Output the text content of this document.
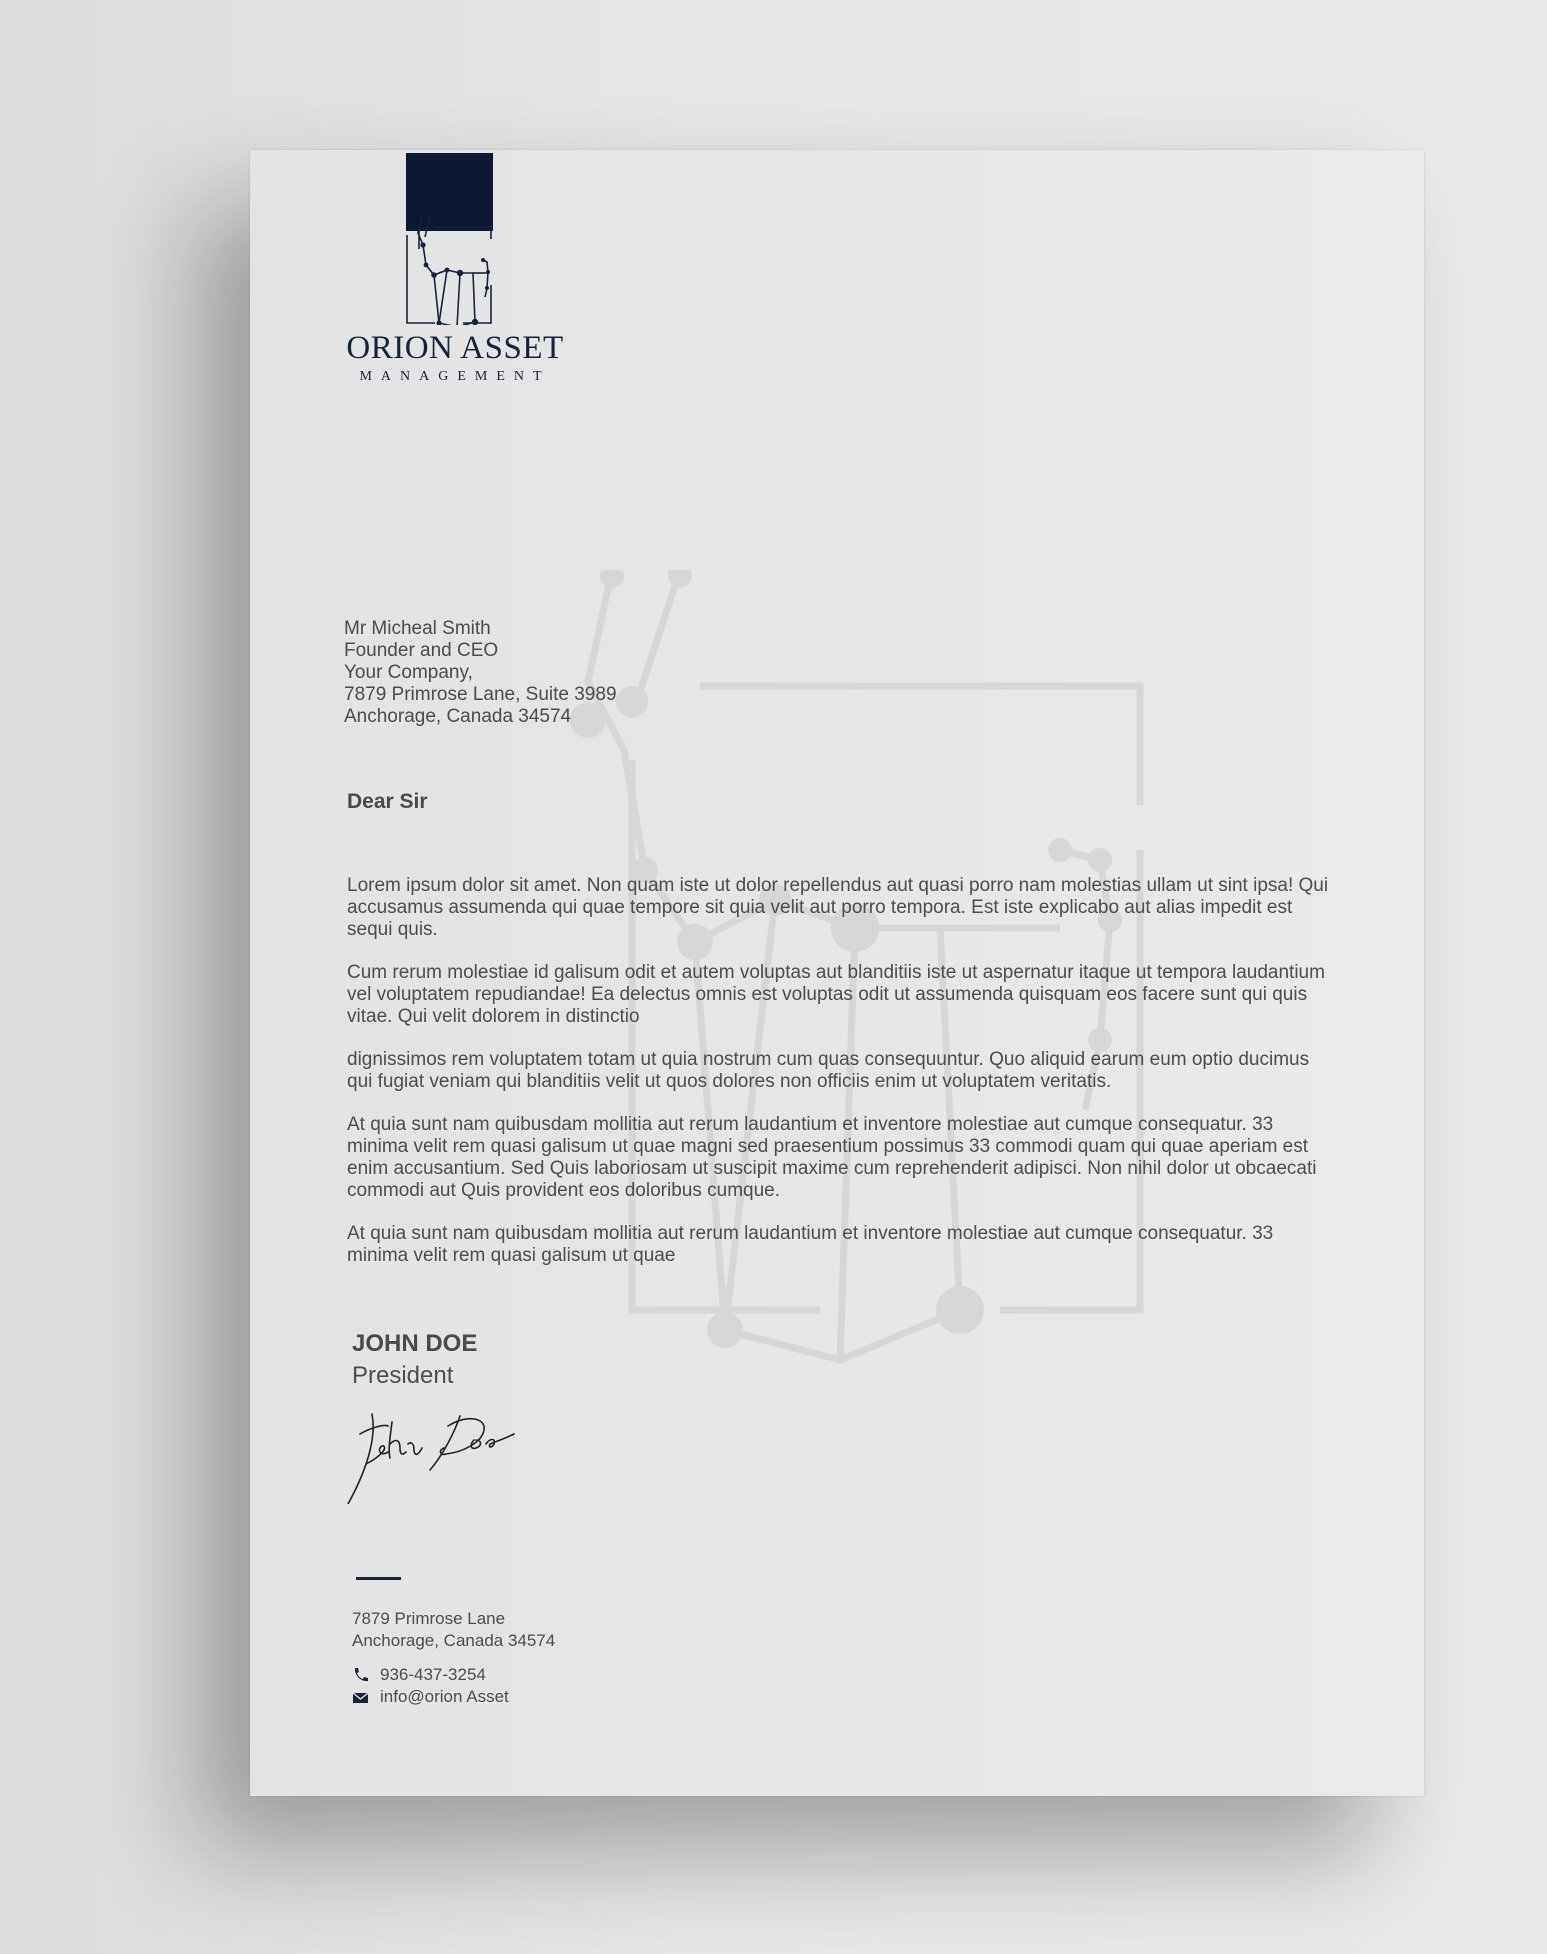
ORION ASSET
MANAGEMENT
Mr Micheal Smith
Founder and CEO
Your Company,
7879 Primrose Lane, Suite 3989
Anchorage, Canada 34574
Dear Sir

Lorem ipsum dolor sit amet. Non quam iste ut dolor repellendus aut quasi porro nam molestias ullam ut sint ipsa! Qui accusamus assumenda qui quae tempore sit quia velit aut porro tempora. Est iste explicabo aut alias impedit est sequi quis.

Cum rerum molestiae id galisum odit et autem voluptas aut blanditiis iste ut aspernatur itaque ut tempora laudantium vel voluptatem repudiandae! Ea delectus omnis est voluptas odit ut assumenda quisquam eos facere sunt qui quis vitae. Qui velit dolorem in distinctio

dignissimos rem voluptatem totam ut quia nostrum cum quas consequuntur. Quo aliquid earum eum optio ducimus qui fugiat veniam qui blanditiis velit ut quos dolores non officiis enim ut voluptatem veritatis.

At quia sunt nam quibusdam mollitia aut rerum laudantium et inventore molestiae aut cumque consequatur. 33 minima velit rem quasi galisum ut quae magni sed praesentium possimus 33 commodi quam qui quae aperiam est enim accusantium. Sed Quis laboriosam ut suscipit maxime cum reprehenderit adipisci. Non nihil dolor ut obcaecati commodi aut Quis provident eos doloribus cumque.

At quia sunt nam quibusdam mollitia aut rerum laudantium et inventore molestiae aut cumque consequatur. 33 minima velit rem quasi galisum ut quae

JOHN DOE
President
7879 Primrose Lane
Anchorage, Canada 34574
936-437-3254
info@orion Asset
